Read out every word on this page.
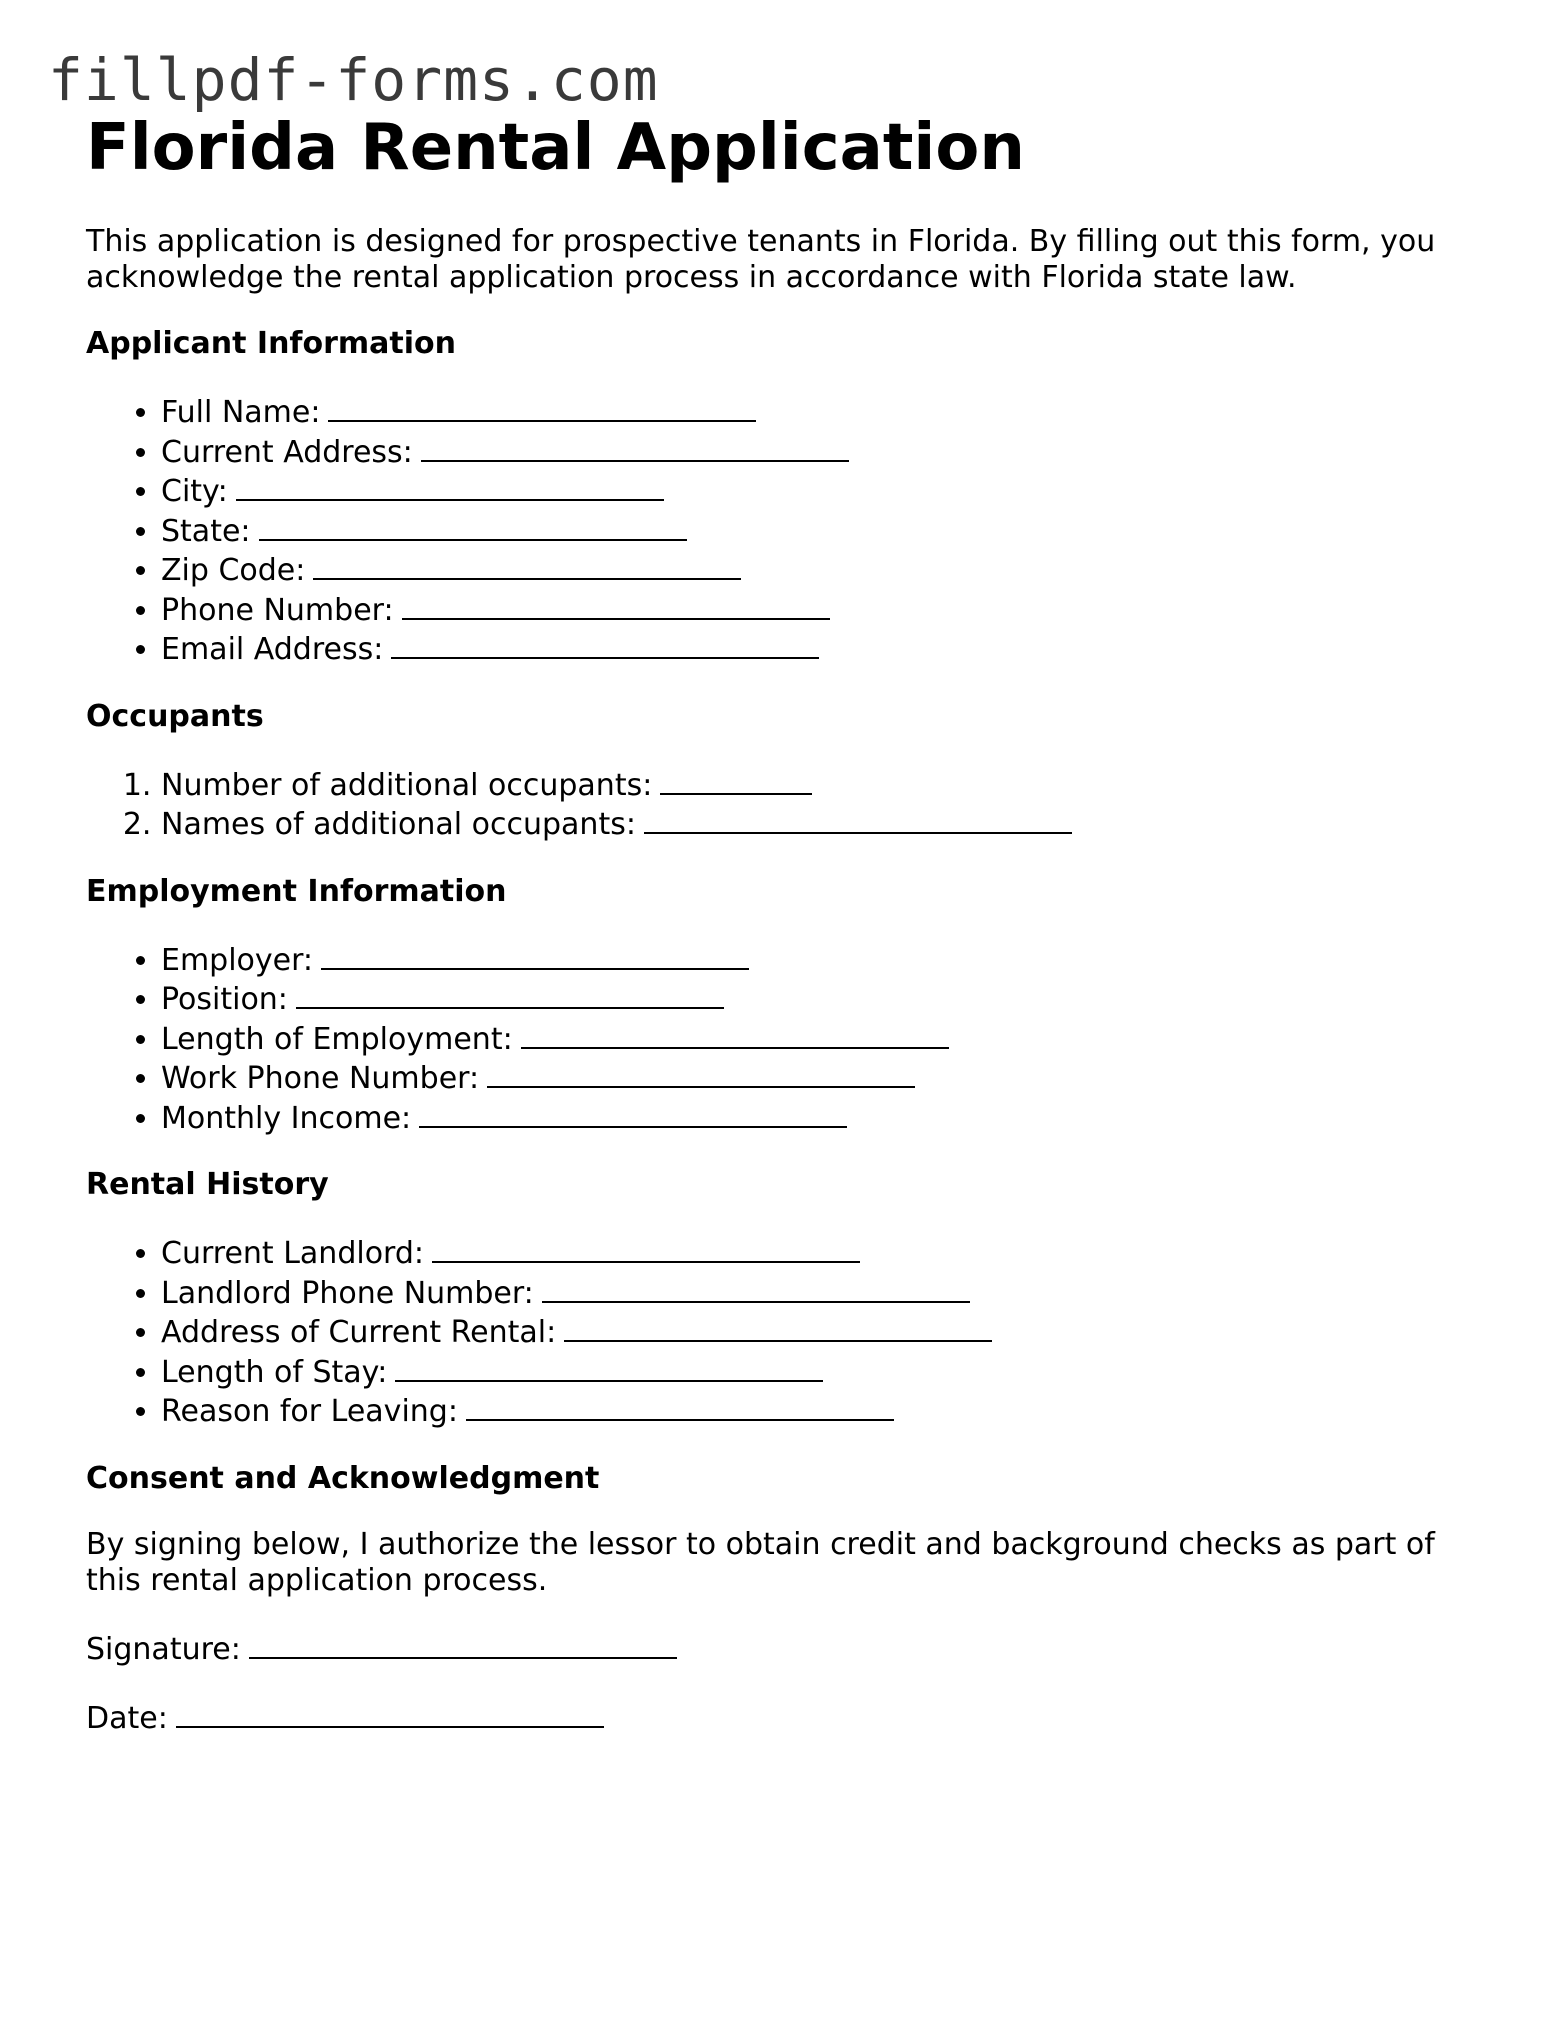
fillpdf-forms.com
Florida Rental Application

This application is designed for prospective tenants in Florida. By filling out this form, you acknowledge the rental application process in accordance with Florida state law.

Applicant Information
• Full Name:
• Current Address:
• City:
• State:
• Zip Code:
• Phone Number:
• Email Address:
Occupants
1. Number of additional occupants:
2. Names of additional occupants:
Employment Information
• Employer:
• Position:
• Length of Employment:
• Work Phone Number:
• Monthly Income:
Rental History
• Current Landlord:
• Landlord Phone Number:
• Address of Current Rental:
• Length of Stay:
• Reason for Leaving:
Consent and Acknowledgment

By signing below, I authorize the lessor to obtain credit and background checks as part of this rental application process.

Signature:

Date:
